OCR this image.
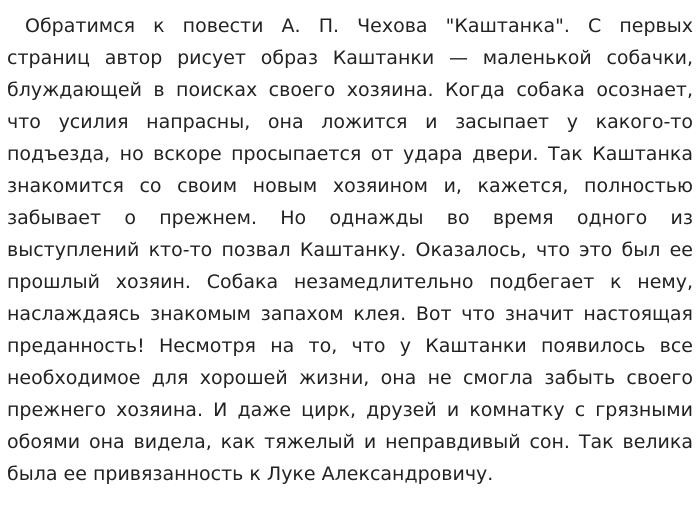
Обратимся к повести А. П. Чехова "Каштанка". С первых
страниц автор рисует образ Каштанки — маленькой собачки,
блуждающей в поисках своего хозяина. Когда собака осознает,
что усилия напрасны, она ложится и засыпает у какого-то
подъезда, но вскоре просыпается от удара двери. Так Каштанка
знакомится со своим новым хозяином и, кажется, полностью
забывает о прежнем. Но однажды во время одного из
выступлений кто-то позвал Каштанку. Оказалось, что это был ее
прошлый хозяин. Собака незамедлительно подбегает к нему,
наслаждаясь знакомым запахом клея. Вот что значит настоящая
преданность! Несмотря на то, что у Каштанки появилось все
необходимое для хорошей жизни, она не смогла забыть своего
прежнего хозяина. И даже цирк, друзей и комнатку с грязными
обоями она видела, как тяжелый и неправдивый сон. Так велика
была ее привязанность к Луке Александровичу.
